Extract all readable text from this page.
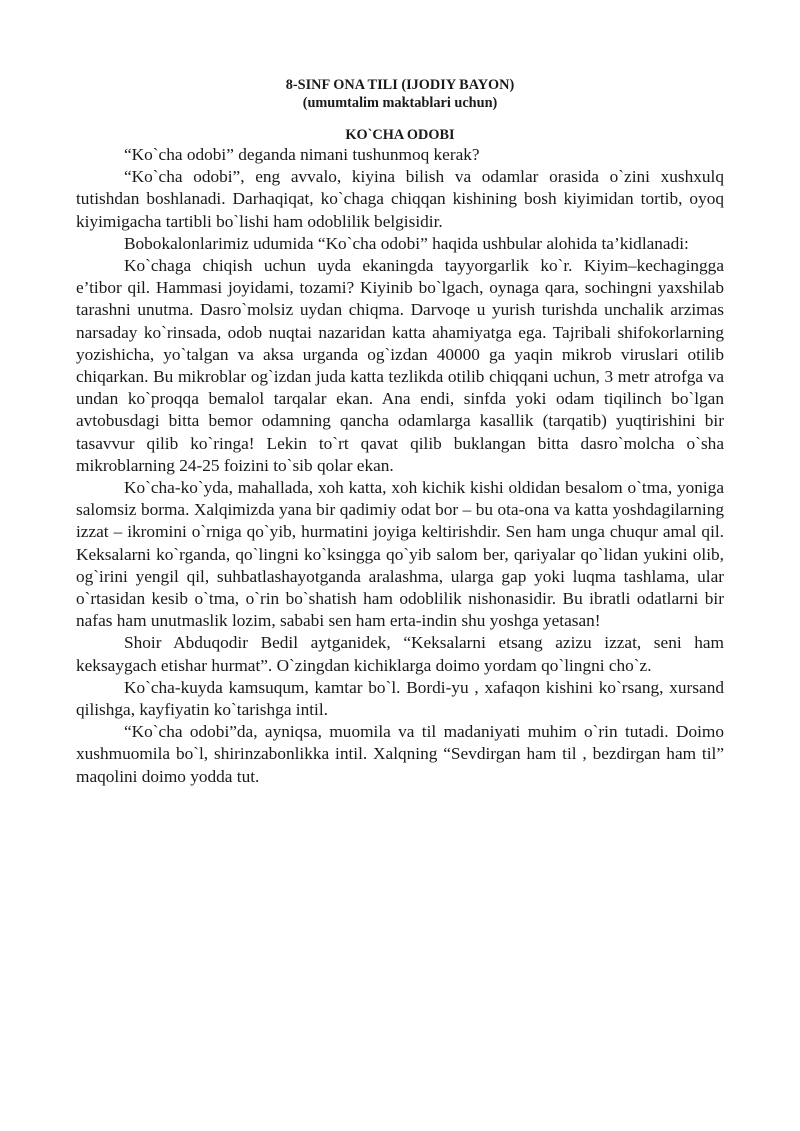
8-SINF ONA TILI (IJODIY BAYON)
(umumtalim maktablari uchun)
KO`CHA ODOBI

“Ko`cha odobi” deganda nimani tushunmoq kerak?

“Ko`cha odobi”, eng avvalo, kiyina bilish va odamlar orasida o`zini xushxulq tutishdan boshlanadi. Darhaqiqat, ko`chaga chiqqan kishining bosh kiyimidan tortib, oyoq kiyimigacha tartibli bo`lishi ham odoblilik belgisidir.

Bobokalonlarimiz udumida “Ko`cha odobi” haqida ushbular alohida ta’kidlanadi:

Ko`chaga chiqish uchun uyda ekaningda tayyorgarlik ko`r. Kiyim–kechagingga e’tibor qil. Hammasi joyidami, tozami? Kiyinib bo`lgach, oynaga qara, sochingni yaxshilab tarashni unutma. Dasro`molsiz uydan chiqma. Darvoqe u yurish turishda unchalik arzimas narsaday ko`rinsada, odob nuqtai nazaridan katta ahamiyatga ega. Tajribali shifokorlarning yozishicha, yo`talgan va aksa urganda og`izdan 40000 ga yaqin mikrob viruslari otilib chiqarkan. Bu mikroblar og`izdan juda katta tezlikda otilib chiqqani uchun, 3 metr atrofga va undan ko`proqqa bemalol tarqalar ekan. Ana endi, sinfda yoki odam tiqilinch bo`lgan avtobusdagi bitta bemor odamning qancha odamlarga kasallik (tarqatib) yuqtirishini bir tasavvur qilib ko`ringa! Lekin to`rt qavat qilib buklangan bitta dasro`molcha o`sha mikroblarning 24-25 foizini to`sib qolar ekan.

Ko`cha-ko`yda, mahallada, xoh katta, xoh kichik kishi oldidan besalom o`tma, yoniga salomsiz borma. Xalqimizda yana bir qadimiy odat bor – bu ota-ona va katta yoshdagilarning izzat – ikromini o`rniga qo`yib, hurmatini joyiga keltirishdir. Sen ham unga chuqur amal qil. Keksalarni ko`rganda, qo`lingni ko`ksingga qo`yib salom ber, qariyalar qo`lidan yukini olib, og`irini yengil qil, suhbatlashayotganda aralashma, ularga gap yoki luqma tashlama, ular o`rtasidan kesib o`tma, o`rin bo`shatish ham odoblilik nishonasidir. Bu ibratli odatlarni bir nafas ham unutmaslik lozim, sababi sen ham erta-indin shu yoshga yetasan!

Shoir Abduqodir Bedil aytganidek, “Keksalarni etsang azizu izzat, seni ham keksaygach etishar hurmat”. O`zingdan kichiklarga doimo yordam qo`lingni cho`z.

Ko`cha-kuyda kamsuqum, kamtar bo`l. Bordi-yu , xafaqon kishini ko`rsang, xursand qilishga, kayfiyatin ko`tarishga intil.

“Ko`cha odobi”da, ayniqsa, muomila va til madaniyati muhim o`rin tutadi. Doimo xushmuomila bo`l, shirinzabonlikka intil. Xalqning “Sevdirgan ham til , bezdirgan ham til” maqolini doimo yodda tut.
